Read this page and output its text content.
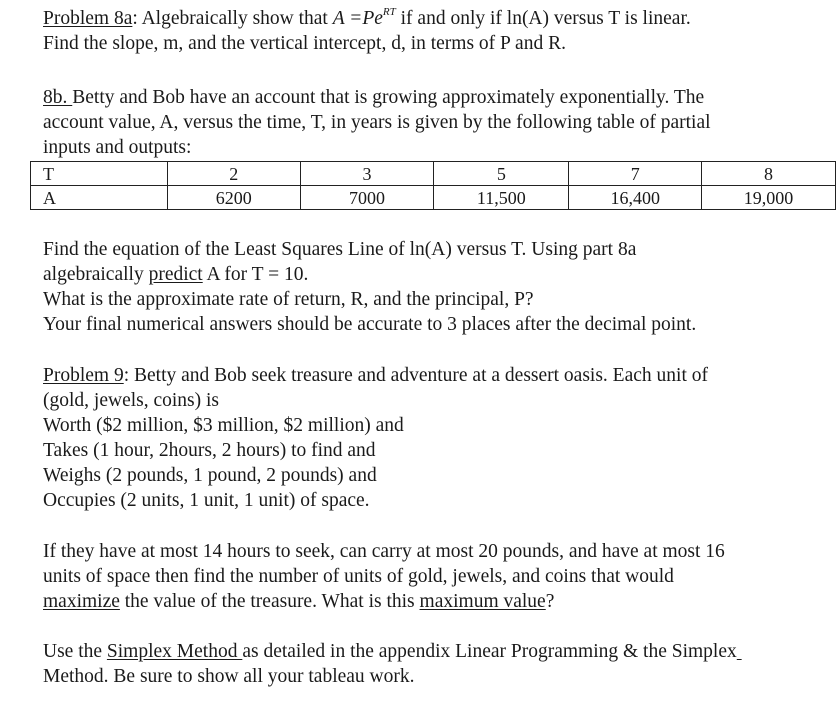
Problem 8a: Algebraically show that $A =Pe^{RT}$ if and only if ln(A) versus T is linear.
Find the slope, m, and the vertical intercept, d, in terms of P and R.

8b. Betty and Bob have an account that is growing approximately exponentially. The
account value, A, versus the time, T, in years is given by the following table of partial
inputs and outputs:

T	2	3	5	7	8
A	6200	7000	11,500	16,400	19,000

Find the equation of the Least Squares Line of ln(A) versus T. Using part 8a
algebraically predict A for T = 10.
What is the approximate rate of return, R, and the principal, P?
Your final numerical answers should be accurate to 3 places after the decimal point.

Problem 9: Betty and Bob seek treasure and adventure at a dessert oasis. Each unit of
(gold, jewels, coins) is
Worth ($2 million, $3 million, $2 million) and
Takes (1 hour, 2hours, 2 hours) to find and
Weighs (2 pounds, 1 pound, 2 pounds) and
Occupies (2 units, 1 unit, 1 unit) of space.

If they have at most 14 hours to seek, can carry at most 20 pounds, and have at most 16
units of space then find the number of units of gold, jewels, and coins that would
maximize the value of the treasure. What is this maximum value?

Use the Simplex Method as detailed in the appendix Linear Programming & the Simplex
Method. Be sure to show all your tableau work.
